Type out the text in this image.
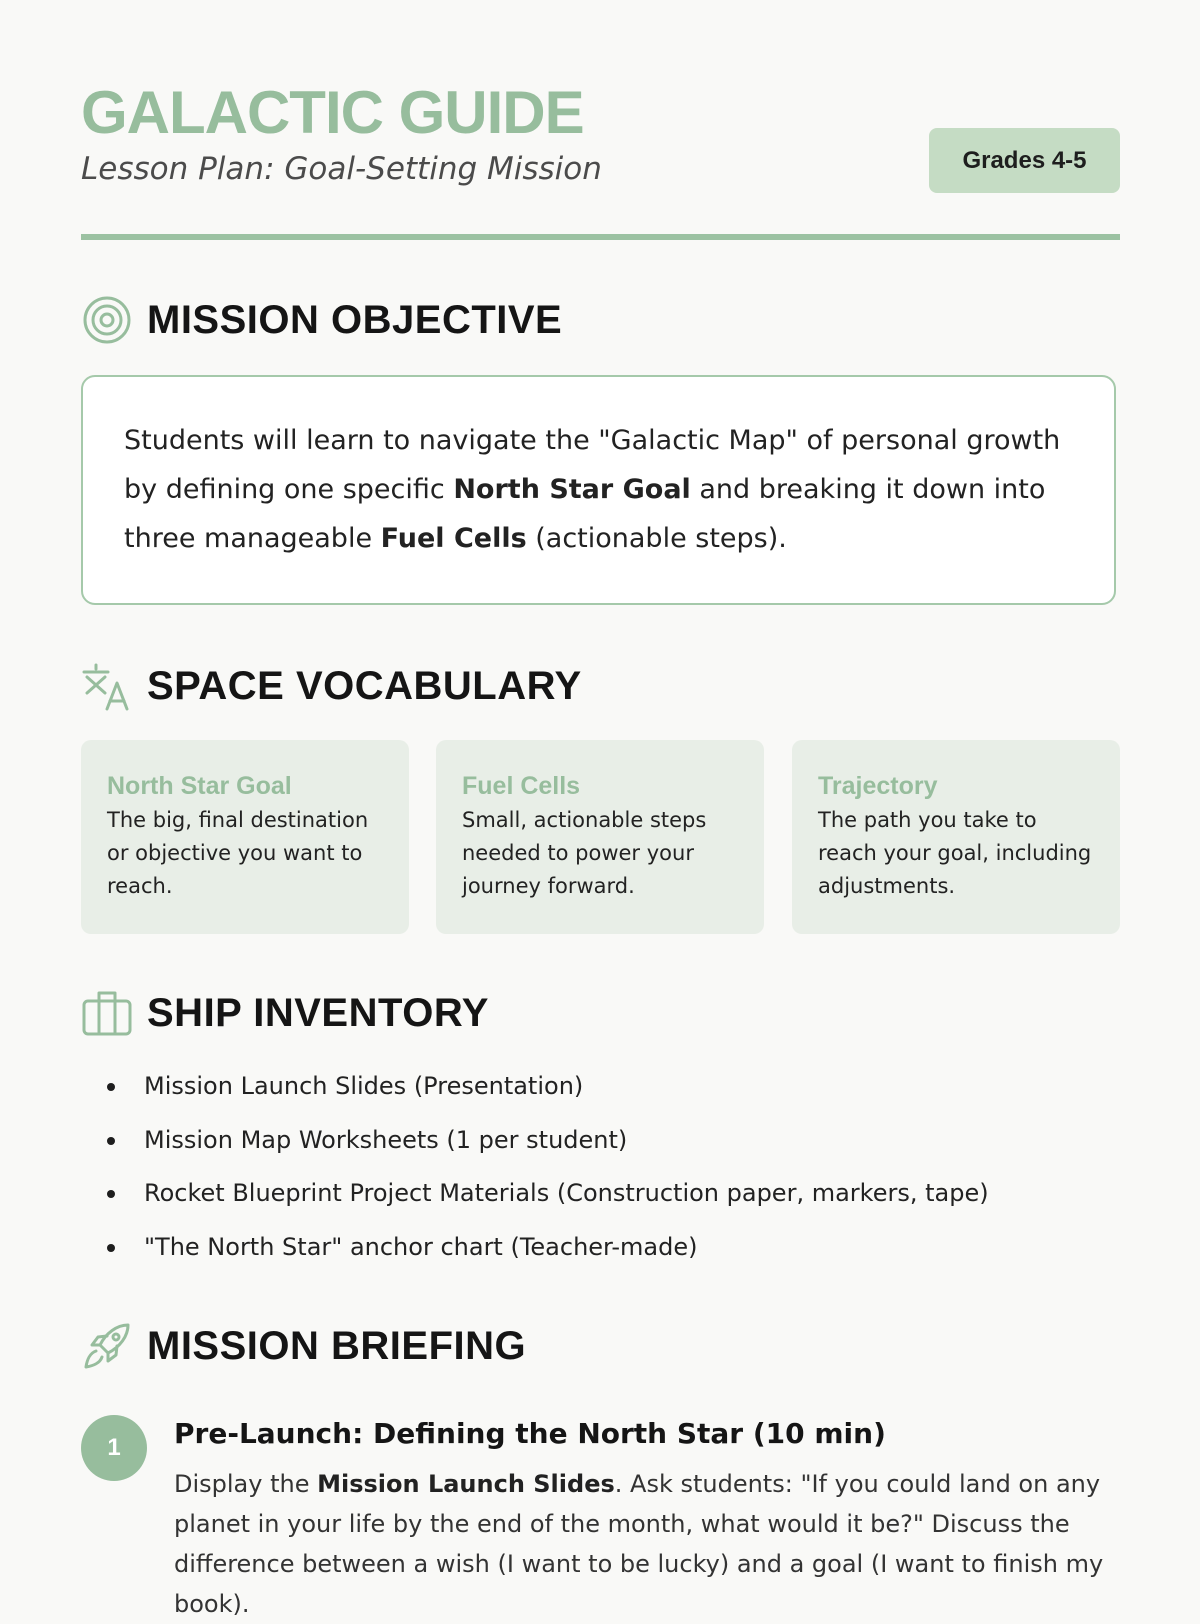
GALACTIC GUIDE

Lesson Plan: Goal-Setting Mission	Grades 4-5
MISSION OBJECTIVE

Students will learn to navigate the "Galactic Map" of personal growth by defining one specific North Star Goal and breaking it down into three manageable Fuel Cells (actionable steps).

SPACE VOCABULARY

North Star Goal

The big, final destination or objective you want to reach.

Fuel Cells

Small, actionable steps needed to power your journey forward.

Trajectory

The path you take to reach your goal, including adjustments.

SHIP INVENTORY
Mission Launch Slides (Presentation)
Mission Map Worksheets (1 per student)
Rocket Blueprint Project Materials (Construction paper, markers, tape)
"The North Star" anchor chart (Teacher-made)
MISSION BRIEFING
1	Pre-Launch: Defining the North Star (10 min)

Display the Mission Launch Slides. Ask students: "If you could land on any planet in your life by the end of the month, what would it be?" Discuss the difference between a wish (I want to be lucky) and a goal (I want to finish my book).
